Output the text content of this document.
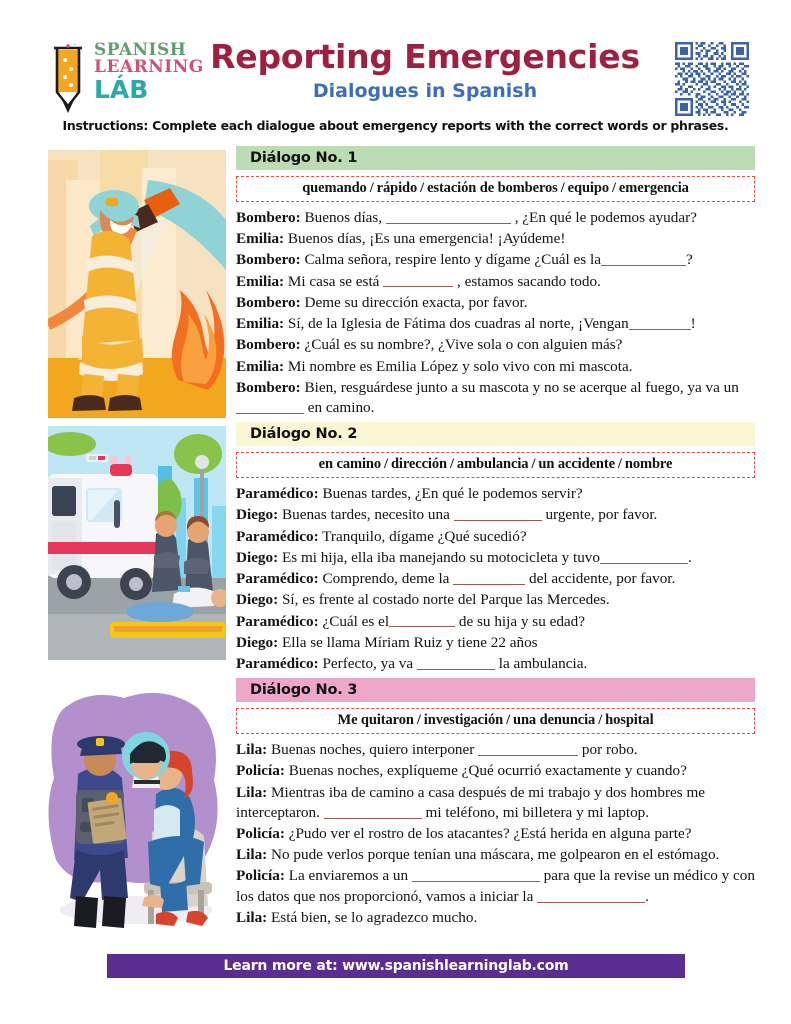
SPANISH
LEARNING
LÁB
Reporting Emergencies
Dialogues in Spanish
Instructions: Complete each dialogue about emergency reports with the correct words or phrases.
Diálogo No. 1
quemando/rápido/estación de bomberos/equipo/emergencia
Bombero: Buenos días,	, ¿En qué le podemos ayudar?
Emilia: Buenos días, ¡Es una emergencia! ¡Ayúdeme!
Bombero: Calma señora, respire lento y dígame ¿Cuál es la	?
Emilia: Mi casa se está	, estamos sacando todo.
Bombero: Deme su dirección exacta, por favor.
Emilia: Sí, de la Iglesia de Fátima dos cuadras al norte, ¡Vengan	!
Bombero: ¿Cuál es su nombre?, ¿Vive sola o con alguien más?
Emilia: Mi nombre es Emilia López y solo vivo con mi mascota.
Bombero: Bien, resguárdese junto a su mascota y no se acerque al fuego, ya va un en camino.
Diálogo No. 2
en camino/dirección/ambulancia/un accidente/nombre
Paramédico: Buenas tardes, ¿En qué le podemos servir?
Diego: Buenas tardes, necesito una	urgente, por favor.
Paramédico: Tranquilo, dígame ¿Qué sucedió?
Diego: Es mi hija, ella iba manejando su motocicleta y tuvo	.
Paramédico: Comprendo, deme la	del accidente, por favor.
Diego: Sí, es frente al costado norte del Parque las Mercedes.
Paramédico: ¿Cuál es el	de su hija y su edad?
Diego: Ella se llama Míriam Ruiz y tiene 22 años
Paramédico: Perfecto, ya va	la ambulancia.
Diálogo No. 3
Me quitaron/investigación/una denuncia/hospital
Lila: Buenas noches, quiero interponer	por robo.
Policía: Buenas noches, explíqueme ¿Qué ocurrió exactamente y cuando?
Lila: Mientras iba de camino a casa después de mi trabajo y dos hombres me interceptaron.	mi teléfono, mi billetera y mi laptop.
Policía: ¿Pudo ver el rostro de los atacantes? ¿Está herida en alguna parte?
Lila: No pude verlos porque tenían una máscara, me golpearon en el estómago.
Policía: La enviaremos a un	para que la revise un médico y con los datos que nos proporcionó, vamos a iniciar la	.
Lila: Está bien, se lo agradezco mucho.
Learn more at: www.spanishlearninglab.com
